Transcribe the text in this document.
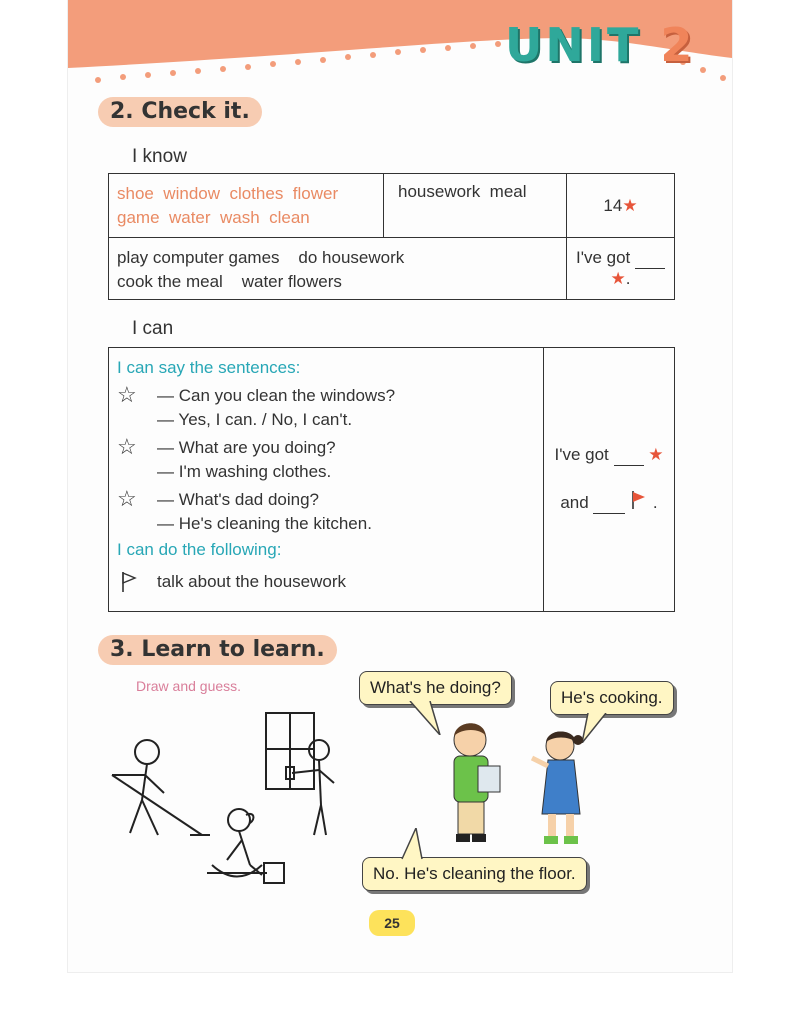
UNIT 2
2. Check it.
I know
shoe  window  clothes  flower
game  water  wash  clean	housework  meal	14★

play computer games    do housework
cook the meal    water flowers		I've got  ★.
I can
I can say the sentences:
☆	— Can you clean the windows?
— Yes, I can. / No, I can't.
☆	— What are you doing?
— I'm washing clothes.
☆	— What's dad doing?
— He's cleaning the kitchen.
I can do the following:
talk about the housework

I've got ★
and	.
3. Learn to learn.
Draw and guess.	What's he doing?
He's cooking.
No. He's cleaning the floor.
25
